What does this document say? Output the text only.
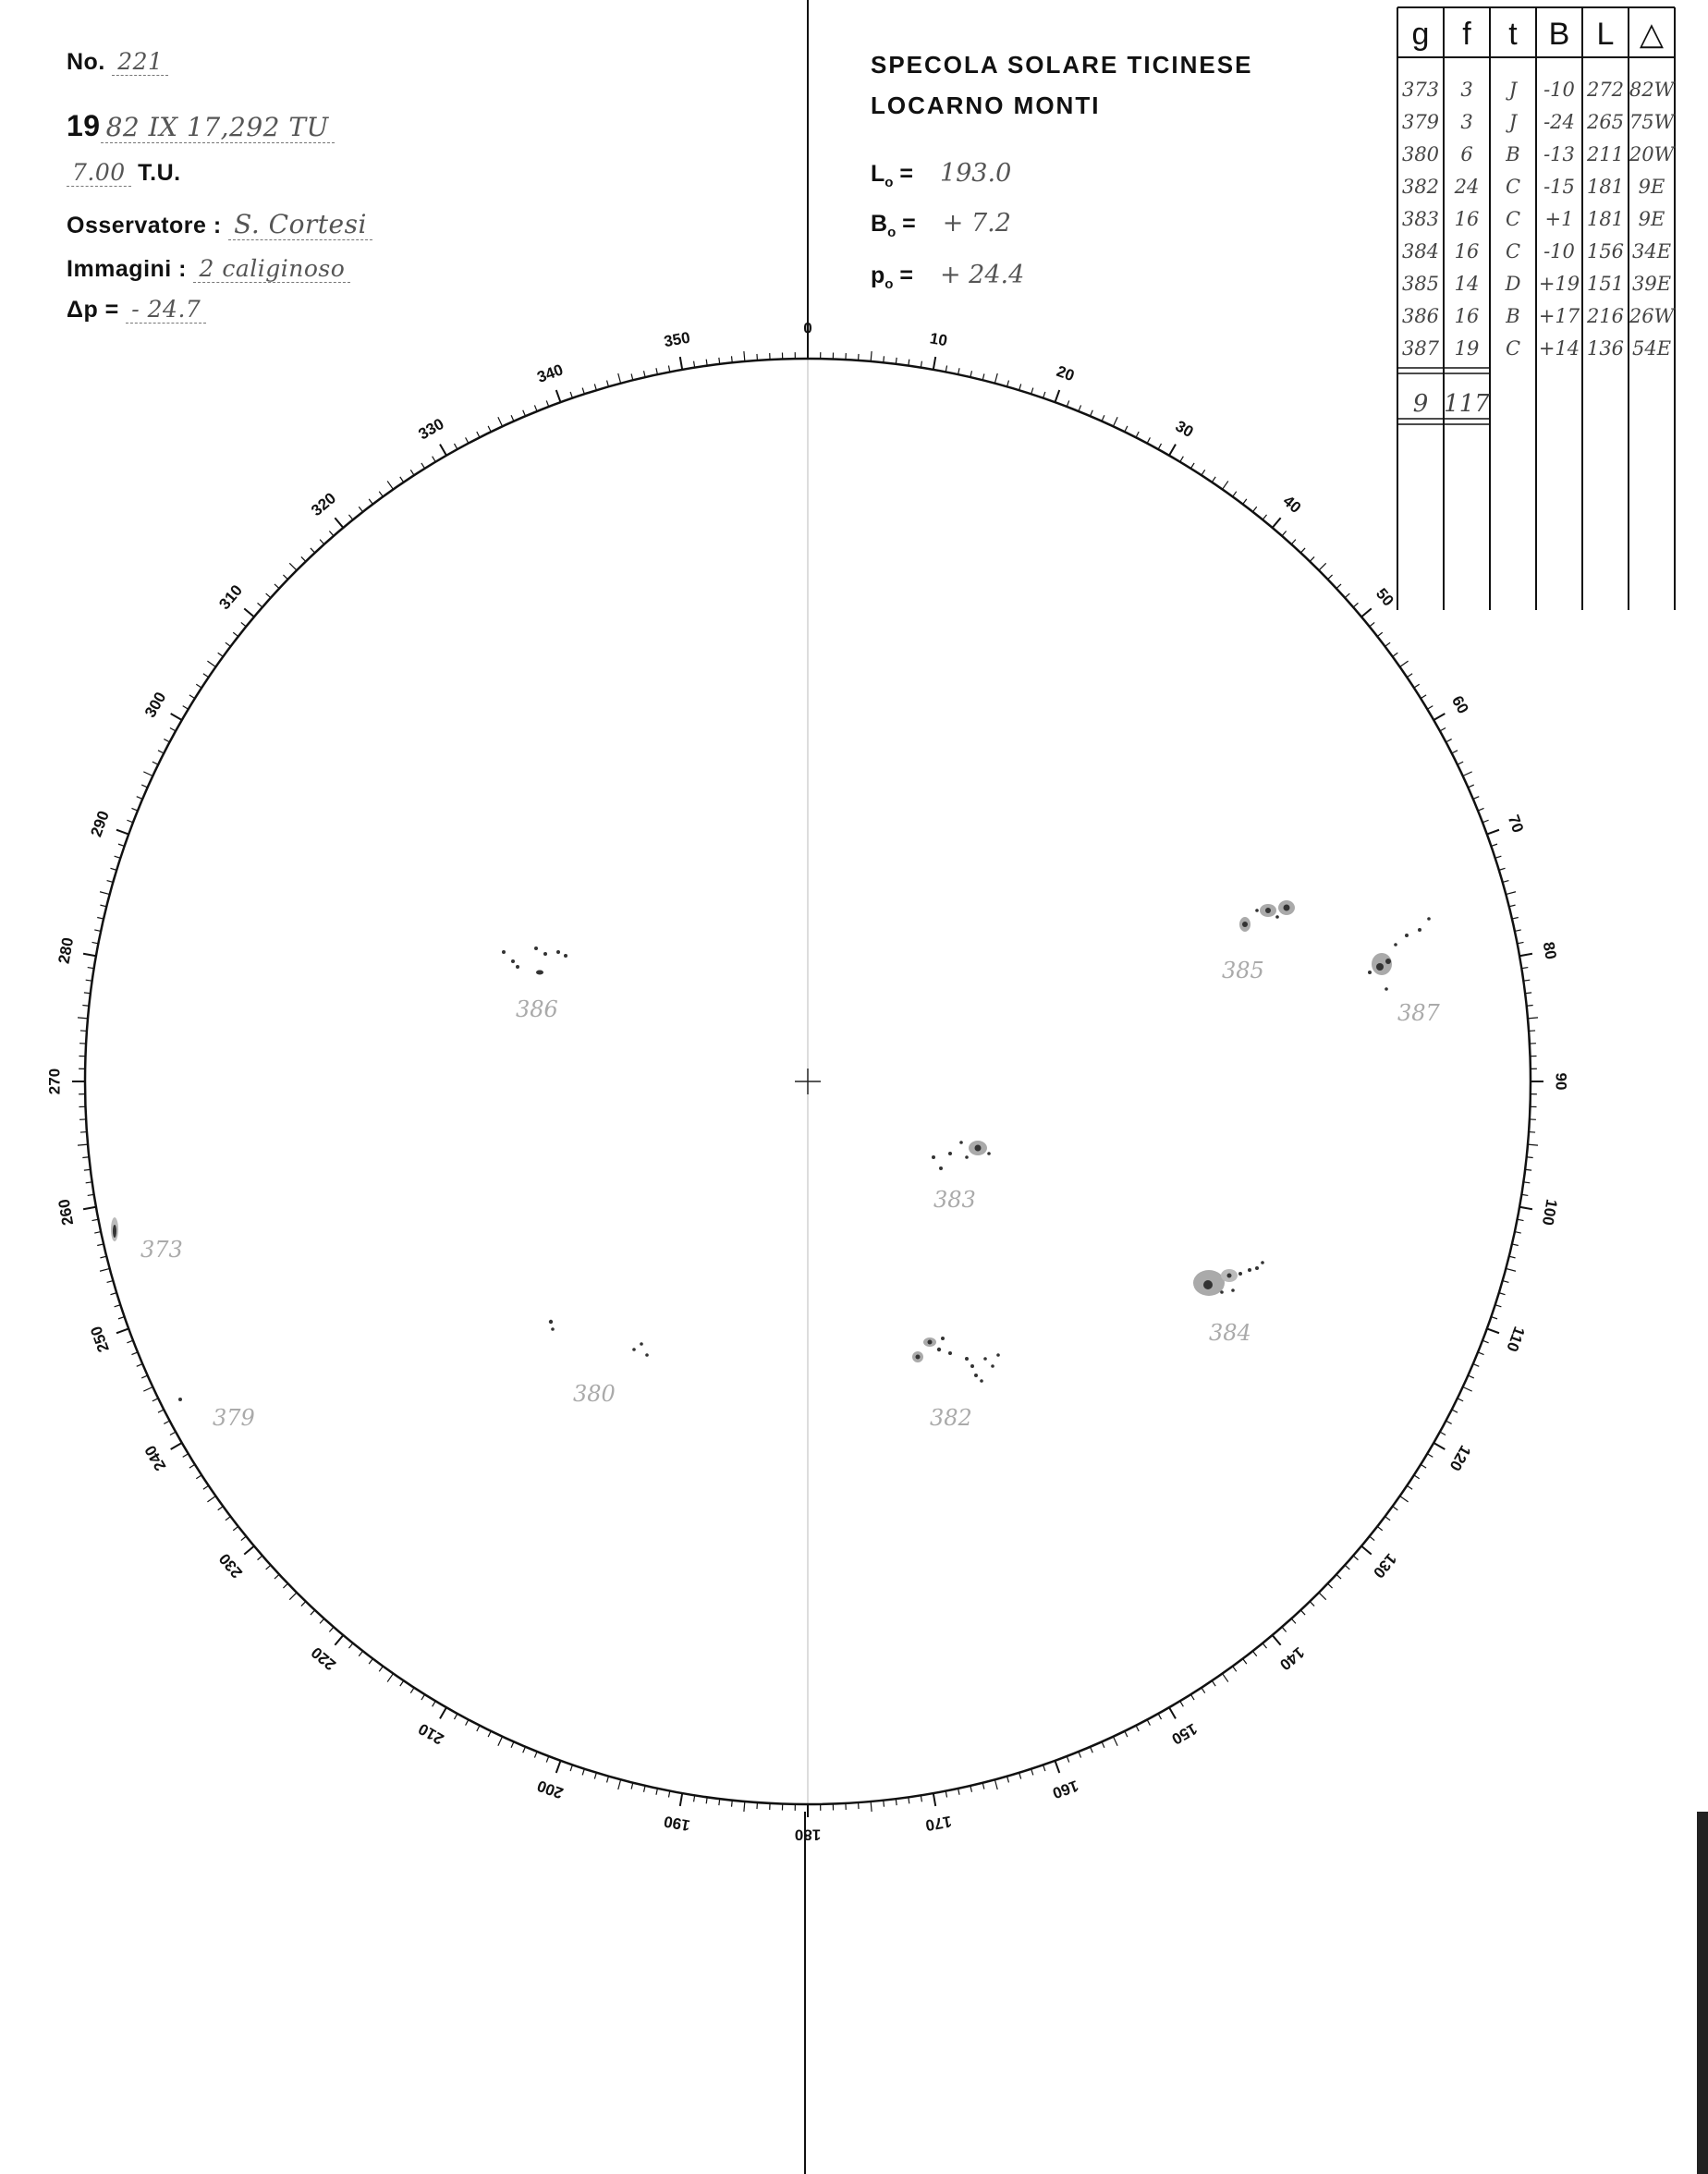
0
10
20
30
40
50
60
70
80
90
100
110
120
130
140
150
160
170
180
190
200
210
220
230
240
250
260
270
280
290
300
310
320
330
340
350
386
385
387
383
373
384
380
382
379
g f t B L △
373 3 J -10 272 82W
379 3 J -24 265 75W
380 6 B -13 211 20W
382 24 C -15 181 9E
383 16 C +1 181 9E
384 16 C -10 156 34E
385 14 D +19 151 39E
386 16 B +17 216 26W
387 19 C +14 136 54E
9 117
No. 221
19 82 IX 17,292 TU
7.00 T.U.
Osservatore : S. Cortesi
Immagini : 2 caliginoso
Δp = - 24.7
SPECOLA SOLARE TICINESE
LOCARNO MONTI
$L_o = 193.0$
$B_o$ = + 7.2
$p_o$ = + 24.4
